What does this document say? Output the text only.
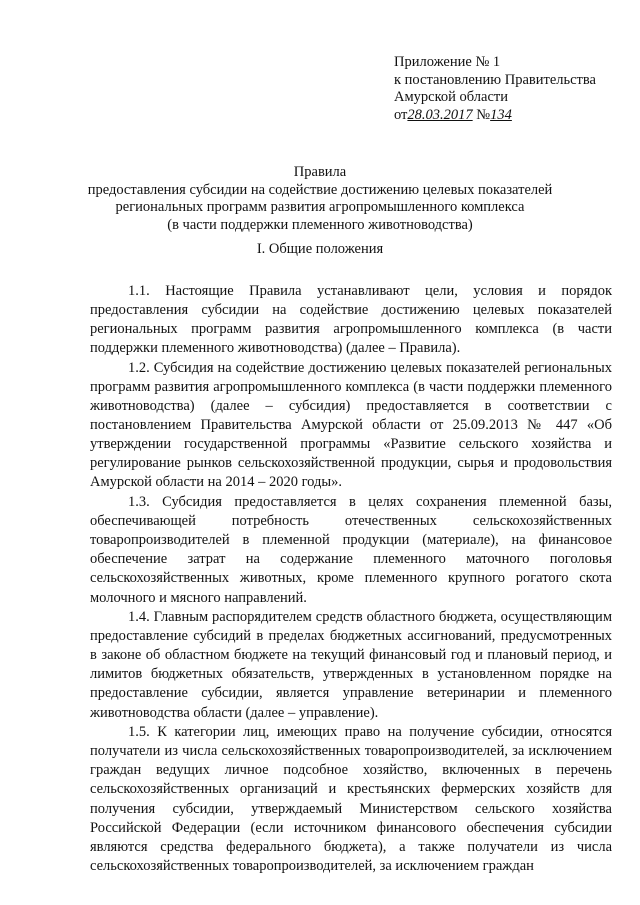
Приложение № 1
к постановлению Правительства
Амурской области
от28.03.2017 №134
Правила
предоставления субсидии на содействие достижению целевых показателей
региональных программ развития агропромышленного комплекса
(в части поддержки племенного животноводства)
I. Общие положения

1.1. Настоящие Правила устанавливают цели, условия и порядок предоставления субсидии на содействие достижению целевых показателей региональных программ развития агропромышленного комплекса (в части поддержки племенного животноводства) (далее – Правила).

1.2. Субсидия на содействие достижению целевых показателей региональных программ развития агропромышленного комплекса (в части поддержки племенного животноводства) (далее – субсидия) предоставляется в соответствии с постановлением Правительства Амурской области от 25.09.2013 № 447 «Об утверждении государственной программы «Развитие сельского хозяйства и регулирование рынков сельскохозяйственной продукции, сырья и продовольствия Амурской области на 2014 – 2020 годы».

1.3. Субсидия предоставляется в целях сохранения племенной базы, обеспечивающей потребность отечественных сельскохозяйственных товаропроизводителей в племенной продукции (материале), на финансовое обеспечение затрат на содержание племенного маточного поголовья сельскохозяйственных животных, кроме племенного крупного рогатого скота молочного и мясного направлений.

1.4. Главным распорядителем средств областного бюджета, осуществляющим предоставление субсидий в пределах бюджетных ассигнований, предусмотренных в законе об областном бюджете на текущий финансовый год и плановый период, и лимитов бюджетных обязательств, утвержденных в установленном порядке на предоставление субсидии, является управление ветеринарии и племенного животноводства области (далее – управление).

1.5. К категории лиц, имеющих право на получение субсидии, относятся получатели из числа сельскохозяйственных товаропроизводителей, за исключением граждан ведущих личное подсобное хозяйство, включенных в перечень сельскохозяйственных организаций и крестьянских фермерских хозяйств для получения субсидии, утверждаемый Министерством сельского хозяйства Российской Федерации (если источником финансового обеспечения субсидии являются средства федерального бюджета), а также получатели из числа сельскохозяйственных товаропроизводителей, за исключением граждан
